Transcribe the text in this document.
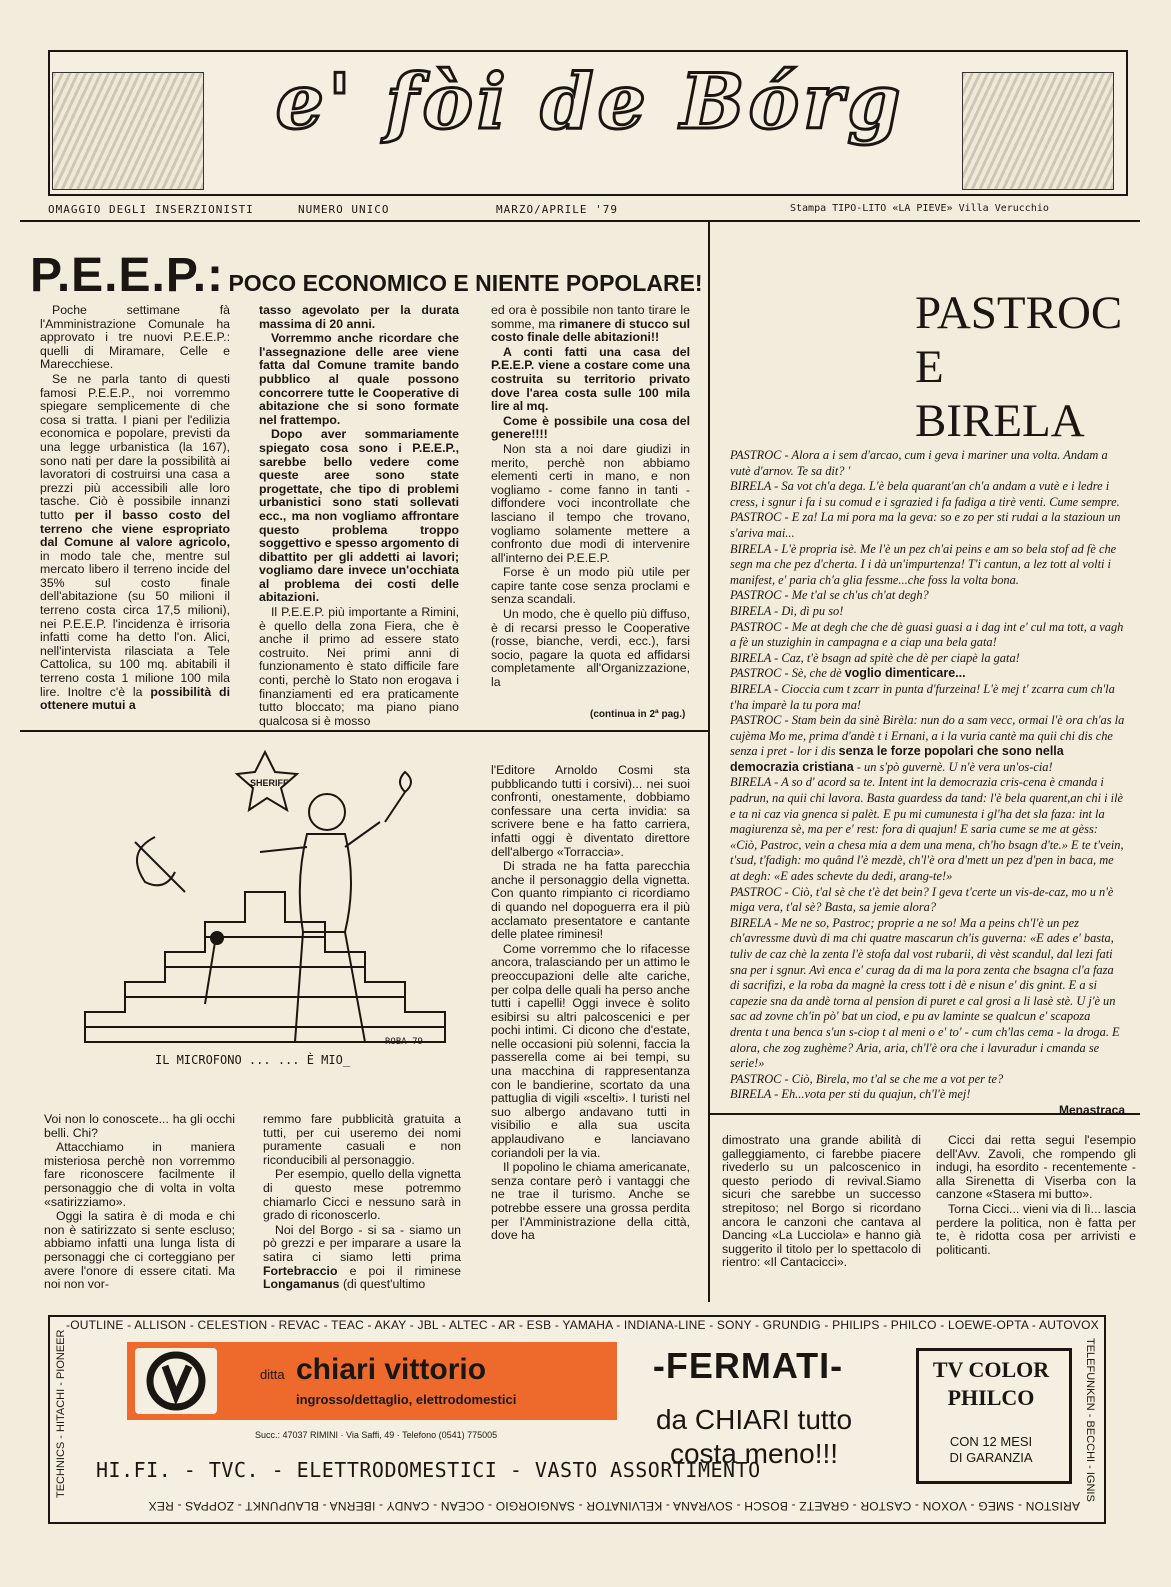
e' fòi de Bórg
OMAGGIO DEGLI INSERZIONISTI	NUMERO UNICO	MARZO/APRILE '79	Stampa TIPO-LITO «LA PIEVE» Villa Verucchio
P.E.E.P.: POCO ECONOMICO E NIENTE POPOLARE!

Poche settimane fà l'Amministrazione Comunale ha approvato i tre nuovi P.E.E.P.: quelli di Miramare, Celle e Marecchiese.

Se ne parla tanto di questi famosi P.E.E.P., noi vorremmo spiegare semplicemente di che cosa si tratta. I piani per l'edilizia economica e popolare, previsti da una legge urbanistica (la 167), sono nati per dare la possibilità ai lavoratori di costruirsi una casa a prezzi più accessibili alle loro tasche. Ciò è possibile innanzi tutto per il basso costo del terreno che viene espropriato dal Comune al valore agricolo, in modo tale che, mentre sul mercato libero il terreno incide del 35% sul costo finale dell'abitazione (su 50 milioni il terreno costa circa 17,5 milioni), nei P.E.E.P. l'incidenza è irrisoria infatti come ha detto l'on. Alici, nell'intervista rilasciata a Tele Cattolica, su 100 mq. abitabili il terreno costa 1 milione 100 mila lire. Inoltre c'è la possibilità di ottenere mutui a

tasso agevolato per la durata massima di 20 anni.

Vorremmo anche ricordare che l'assegnazione delle aree viene fatta dal Comune tramite bando pubblico al quale possono concorrere tutte le Cooperative di abitazione che si sono formate nel frattempo.

Dopo aver sommariamente spiegato cosa sono i P.E.E.P., sarebbe bello vedere come queste aree sono state progettate, che tipo di problemi urbanistici sono stati sollevati ecc., ma non vogliamo affrontare questo problema troppo soggettivo e spesso argomento di dibattito per gli addetti ai lavori; vogliamo dare invece un'occhiata al problema dei costi delle abitazioni.

Il P.E.E.P. più importante a Rimini, è quello della zona Fiera, che è anche il primo ad essere stato costruito. Nei primi anni di funzionamento è stato difficile fare conti, perchè lo Stato non erogava i finanziamenti ed era praticamente tutto bloccato; ma piano piano qualcosa si è mosso

ed ora è possibile non tanto tirare le somme, ma rimanere di stucco sul costo finale delle abitazioni!!

A conti fatti una casa del P.E.E.P. viene a costare come una costruita su territorio privato dove l'area costa sulle 100 mila lire al mq.

Come è possibile una cosa del genere!!!!

Non sta a noi dare giudizi in merito, perchè non abbiamo elementi certi in mano, e non vogliamo - come fanno in tanti - diffondere voci incontrollate che lasciano il tempo che trovano, vogliamo solamente mettere a confronto due modi di intervenire all'interno dei P.E.E.P.

Forse è un modo più utile per capire tante cose senza proclami e senza scandali.

Un modo, che è quello più diffuso, è di recarsi presso le Cooperative (rosse, bianche, verdi, ecc.), farsi socio, pagare la quota ed affidarsi completamente all'Organizzazione, la

(continua in 2ª pag.)
PASTROC
E
BIRELA
PASTROC - Alora a i sem d'arcao, cum i geva i mariner una volta. Andam a vutè d'arnov. Te sa dit? '
BIRELA - Sa vot ch'a dega. L'è bela quarant'an ch'a andam a vutè e i ledre i cress, i sgnur i fa i su comud e i sgrazied i fa fadiga a tirè venti. Cume sempre.
PASTROC - E za! La mi pora ma la geva: so e zo per sti rudai a la stazioun un s'ariva mai...
BIRELA - L'è propria isè. Me l'è un pez ch'ai peins e am so bela stof ad fè che segn ma che pez d'cherta. I i dà un'impurtenza! T'i cantun, a lez tott al volti i manifest, e' paria ch'a glia fessme...che foss la volta bona.
PASTROC - Me t'al se ch'us ch'at degh?
BIRELA - Dì, dì pu so!
PASTROC - Me at degh che che dè guasi guasi a i dag int e' cul ma tott, a vagh a fè un stuzighin in campagna e a ciap una bela gata!
BIRELA - Caz, t'è bsagn ad spitè che dè per ciapè la gata!
PASTROC - Sè, che dè voglio dimenticare...
BIRELA - Cioccia cum t zcarr in punta d'furzeina! L'è mej t' zcarra cum ch'la t'ha imparè la tu pora ma!
PASTROC - Stam bein da sinè Birèla: nun do a sam vecc, ormai l'è ora ch'as la cujèma Mo me, prima d'andè t i Ernani, a i la vuria cantè ma quii chi dis che senza i pret - lor i dis senza le forze popolari che sono nella democrazia cristiana - un s'pò guvernè. U n'è vera un'os-cia!
BIRELA - A so d' acord sa te. Intent int la democrazia cris-cena è cmanda i padrun, na quii chi lavora. Basta guardess da tand: l'è bela quarent,an chi i ilè e ta ni caz via gnenca si palèt. E pu mi cumunesta i gl'ha det sla faza: int la magiurenza sè, ma per e' rest: fora di quajun! E saria cume se me at gèss: «Ciò, Pastroc, vein a chesa mia a dem una mena, ch'ho bsagn d'te.» E te t'vein, t'sud, t'fadigh: mo quând l'è mezdè, ch'l'è ora d'mett un pez d'pen in baca, me at degh: «E ades schevte du dedi, arang-te!»
PASTROC - Ciò, t'al sè che t'è det bein? I geva t'certe un vis-de-caz, mo u n'è miga vera, t'al sè? Basta, sa jemie alora?
BIRELA - Me ne so, Pastroc; proprie a ne so! Ma a peins ch'l'è un pez ch'avressme duvù di ma chi quatre mascarun ch'is guverna: «E ades e' basta, tuliv de caz chè la zenta l'è stofa dal vost rubarii, di vèst scandul, dal lezi fati sna per i sgnur. Avì enca e' curag da di ma la pora zenta che bsagna cl'a faza di sacrifizi, e la roba da magnè la cress tott i dè e nisun e' dis gnint. E a si capezie sna da andè torna al pension di puret e cal grosi a li lasè stè. U j'è un sac ad zovne ch'in pò' bat un ciod, e pu av laminte se qualcun e' scapoza drenta t una benca s'un s-ciop t al meni o e' to' - cum ch'las cema - la droga. E alora, che zog zughème? Aria, aria, ch'l'è ora che i lavuradur i cmanda se serie!»
PASTROC - Ciò, Birela, mo t'al se che me a vot per te?
BIRELA - Eh...vota per sti du quajun, ch'l'è mej!
Menastraca
SHERIFF
IL MICROFONO ... ... È MIO_
ROBA-79

Voi non lo conoscete... ha gli occhi belli. Chi?

Attacchiamo in maniera misteriosa perchè non vorremmo fare riconoscere facilmente il personaggio che di volta in volta «satirizziamo».

Oggi la satira è di moda e chi non è satirizzato si sente escluso; abbiamo infatti una lunga lista di personaggi che ci corteggiano per avere l'onore di essere citati. Ma noi non vor-

remmo fare pubblicità gratuita a tutti, per cui useremo dei nomi puramente casuali e non riconducibili al personaggio.

Per esempio, quello della vignetta di questo mese potremmo chiamarlo Cicci e nessuno sarà in grado di riconoscerlo.

Noi del Borgo - si sa - siamo un pò grezzi e per imparare a usare la satira ci siamo letti prima Fortebraccio e poi il riminese Longamanus (di quest'ultimo

l'Editore Arnoldo Cosmi sta pubblicando tutti i corsivi)... nei suoi confronti, onestamente, dobbiamo confessare una certa invidia: sa scrivere bene e ha fatto carriera, infatti oggi è diventato direttore dell'albergo «Torraccia».

Di strada ne ha fatta parecchia anche il personaggio della vignetta. Con quanto rimpianto ci ricordiamo di quando nel dopoguerra era il più acclamato presentatore e cantante delle platee riminesi!

Come vorremmo che lo rifacesse ancora, tralasciando per un attimo le preoccupazioni delle alte cariche, per colpa delle quali ha perso anche tutti i capelli! Oggi invece è solito esibirsi su altri palcoscenici e per pochi intimi. Ci dicono che d'estate, nelle occasioni più solenni, faccia la passerella come ai bei tempi, su una macchina di rappresentanza con le bandierine, scortato da una pattuglia di vigili «scelti». I turisti nel suo albergo andavano tutti in visibilio e alla sua uscita applaudivano e lanciavano coriandoli per la via.

Il popolino le chiama americanate, senza contare però i vantaggi che ne trae il turismo. Anche se potrebbe essere una grossa perdita per l'Amministrazione della città, dove ha

dimostrato una grande abilità di galleggiamento, ci farebbe piacere rivederlo su un palcoscenico in questo periodo di revival.Siamo sicuri che sarebbe un successo strepitoso; nel Borgo si ricordano ancora le canzoni che cantava al Dancing «La Lucciola» e hanno già suggerito il titolo per lo spettacolo di rientro: «Il Cantacicci».

Cicci dai retta segui l'esempio dell'Avv. Zavoli, che rompendo gli indugi, ha esordito - recentemente - alla Sirenetta di Viserba con la canzone «Stasera mi butto».

Torna Cicci... vieni via di lì... lascia perdere la politica, non è fatta per te, è ridotta cosa per arrivisti e politicanti.

-OUTLINE - ALLISON - CELESTION - REVAC - TEAC - AKAY - JBL - ALTEC - AR - ESB - YAMAHA - INDIANA-LINE - SONY - GRUNDIG - PHILIPS - PHILCO - LOEWE-OPTA - AUTOVOX
ARISTON - SMEG - VOXON - CASTOR - GRAETZ - BOSCH - SOVRANA - KELVINATOR - SANGIORGIO - OCEAN - CANDY - IBERNA - BLAUPUNKT - ZOPPAS - REX
TECHNICS - HITACHI - PIONEER	TELEFUNKEN - BECCHI - IGNIS
ditta chiari vittorio
ingrosso/dettaglio, elettrodomestici
Succ.: 47037 RIMINI · Via Saffi, 49 · Telefono (0541) 775005
HI.FI. - TVC. - ELETTRODOMESTICI - VASTO ASSORTIMENTO
-FERMATI-
da CHIARI tutto
costa meno!!!
TV COLOR
PHILCO
CON 12 MESI
DI GARANZIA
